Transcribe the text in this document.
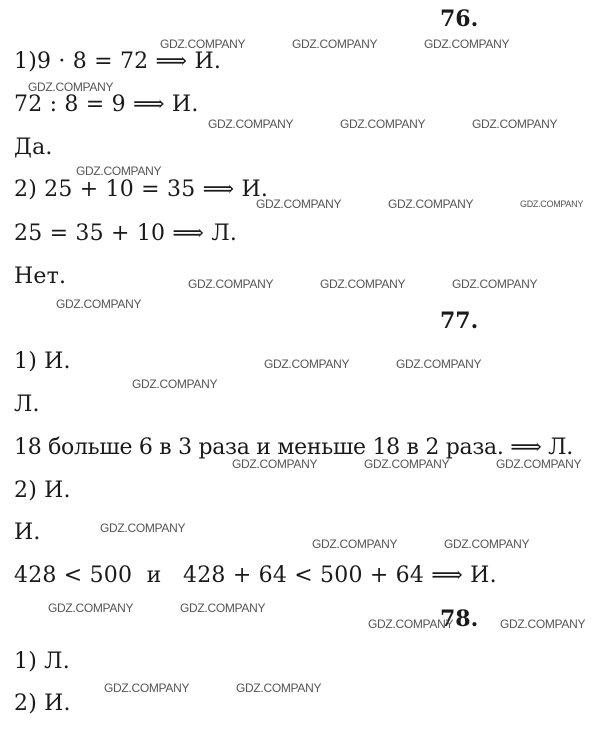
76.
1)9 · 8 = 72 ⟹ И.
72 : 8 = 9 ⟹ И.
Да.
2) 25 + 10 = 35 ⟹ И.
25 = 35 + 10 ⟹ Л.
Нет.
77.
1) И.
Л.
18 больше 6 в 3 раза и меньше 18 в 2 раза. ⟹ Л.
2) И.
И.
428 < 500  и   428 + 64 < 500 + 64 ⟹ И.
78.
1) Л.
2) И.
GDZ.COMPANY	GDZ.COMPANY	GDZ.COMPANY
GDZ.COMPANY
GDZ.COMPANY	GDZ.COMPANY	GDZ.COMPANY
GDZ.COMPANY
GDZ.COMPANY	GDZ.COMPANY	GDZ.COMPANY
GDZ.COMPANY	GDZ.COMPANY	GDZ.COMPANY
GDZ.COMPANY
GDZ.COMPANY	GDZ.COMPANY
GDZ.COMPANY
GDZ.COMPANY	GDZ.COMPANY	GDZ.COMPANY
GDZ.COMPANY
GDZ.COMPANY	GDZ.COMPANY
GDZ.COMPANY	GDZ.COMPANY
GDZ.COMPANY	GDZ.COMPANY
GDZ.COMPANY	GDZ.COMPANY
